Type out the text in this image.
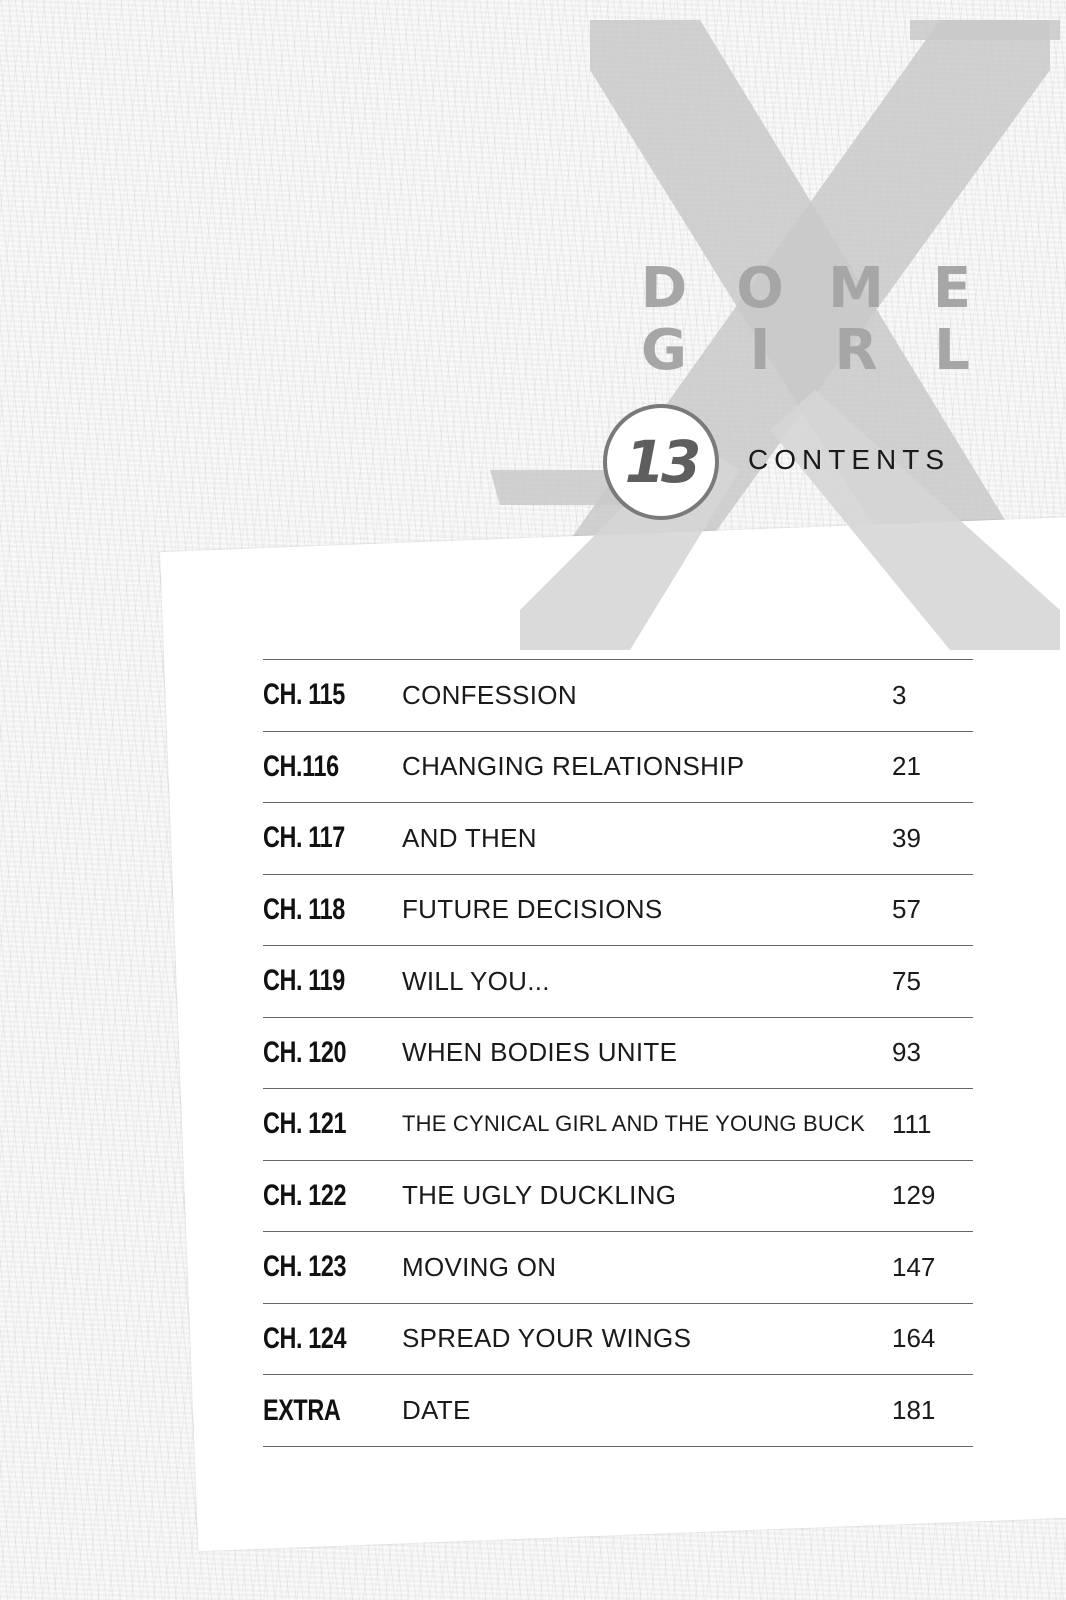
D O M E
G	I	R	L
13	CONTENTS
CH. 115	CONFESSION	3
CH.116	CHANGING RELATIONSHIP	21
CH. 117	AND THEN	39
CH. 118	FUTURE DECISIONS	57
CH. 119	WILL YOU...	75
CH. 120	WHEN BODIES UNITE	93
CH. 121	THE CYNICAL GIRL AND THE YOUNG BUCK	111
CH. 122	THE UGLY DUCKLING	129
CH. 123	MOVING ON	147
CH. 124	SPREAD YOUR WINGS	164
EXTRA	DATE	181
